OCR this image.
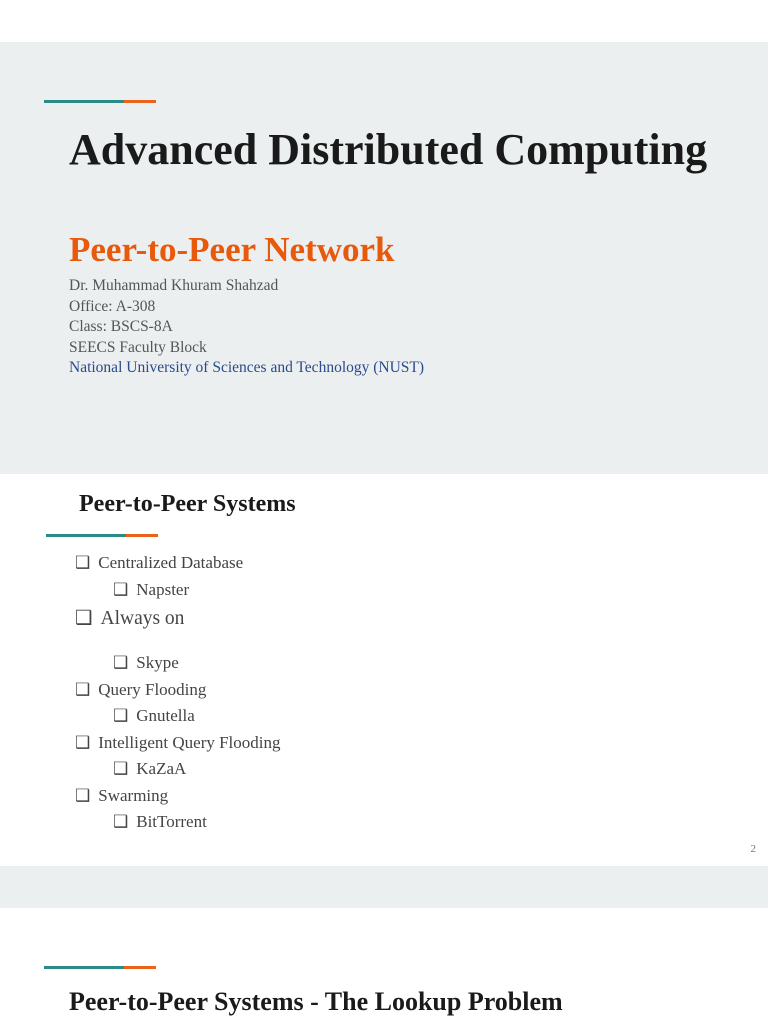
Advanced Distributed Computing
Peer-to-Peer Network
Dr. Muhammad Khuram Shahzad
Office: A-308
Class: BSCS-8A
SEECS Faculty Block
National University of Sciences and Technology (NUST)
Peer-to-Peer Systems
❑ Centralized Database
❑ Napster
❑ Always on
❑ Skype
❑ Query Flooding
❑ Gnutella
❑ Intelligent Query Flooding
❑ KaZaA
❑ Swarming
❑ BitTorrent
2
Peer-to-Peer Systems - The Lookup Problem
